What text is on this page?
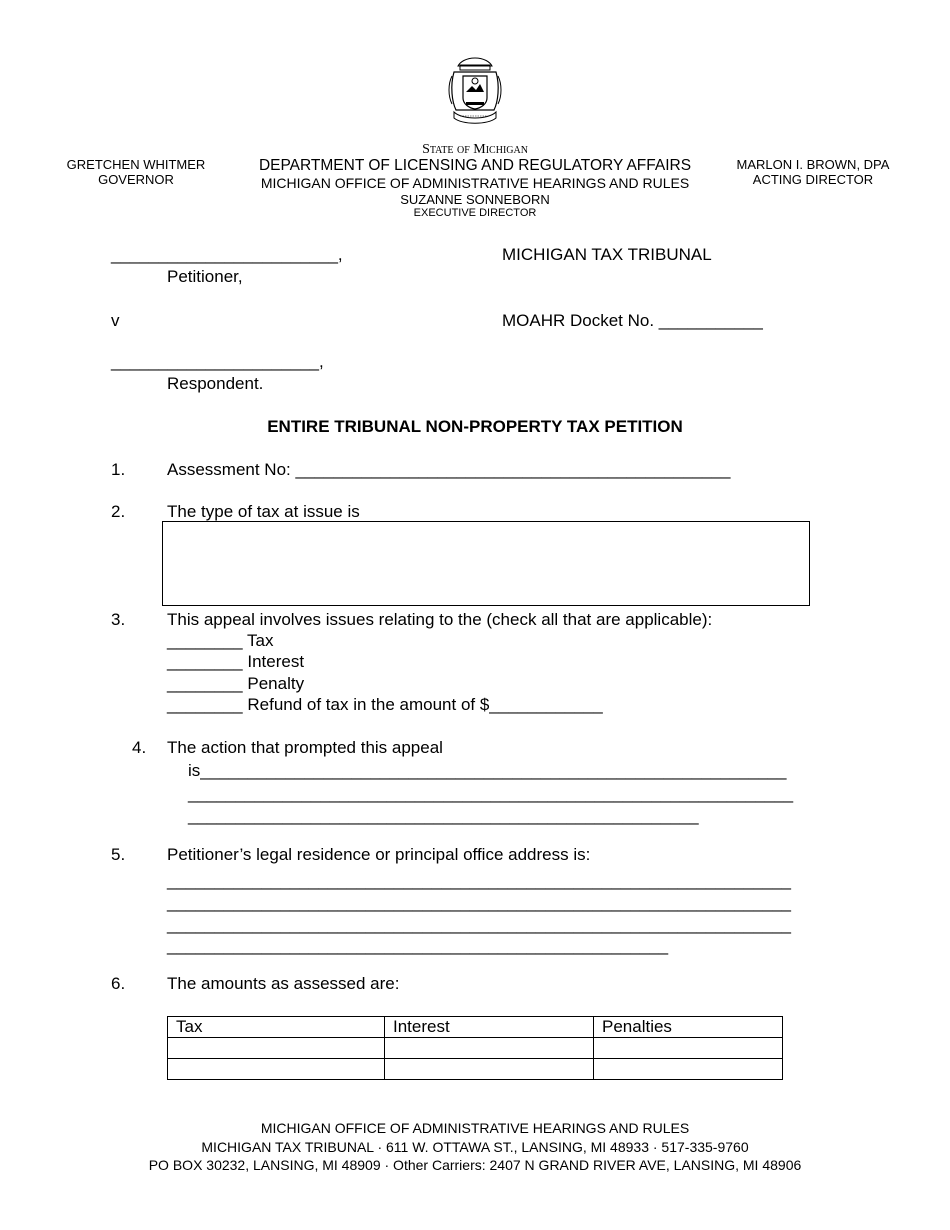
State of Michigan
DEPARTMENT OF LICENSING AND REGULATORY AFFAIRS
MICHIGAN OFFICE OF ADMINISTRATIVE HEARINGS AND RULES
SUZANNE SONNEBORN
EXECUTIVE DIRECTOR
GRETCHEN WHITMER
GOVERNOR
MARLON I. BROWN, DPA
ACTING DIRECTOR
________________________,
Petitioner,
MICHIGAN TAX TRIBUNAL
v	MOAHR Docket No. ___________
______________________,
Respondent.
ENTIRE TRIBUNAL NON-PROPERTY TAX PETITION
1. Assessment No: ______________________________________________
2. The type of tax at issue is
3. This appeal involves issues relating to the (check all that are applicable):
________ Tax
________ Interest
________ Penalty
________ Refund of tax in the amount of $____________
4. The action that prompted this appeal
is______________________________________________________________
________________________________________________________________
______________________________________________________
5. Petitioner’s legal residence or principal office address is:
__________________________________________________________________
__________________________________________________________________
__________________________________________________________________
_____________________________________________________
6. The amounts as assessed are:
Tax	Interest	Penalties

MICHIGAN OFFICE OF ADMINISTRATIVE HEARINGS AND RULES
MICHIGAN TAX TRIBUNAL · 611 W. OTTAWA ST., LANSING, MI 48933 · 517-335-9760
PO BOX 30232, LANSING, MI 48909 · Other Carriers: 2407 N GRAND RIVER AVE, LANSING, MI 48906
